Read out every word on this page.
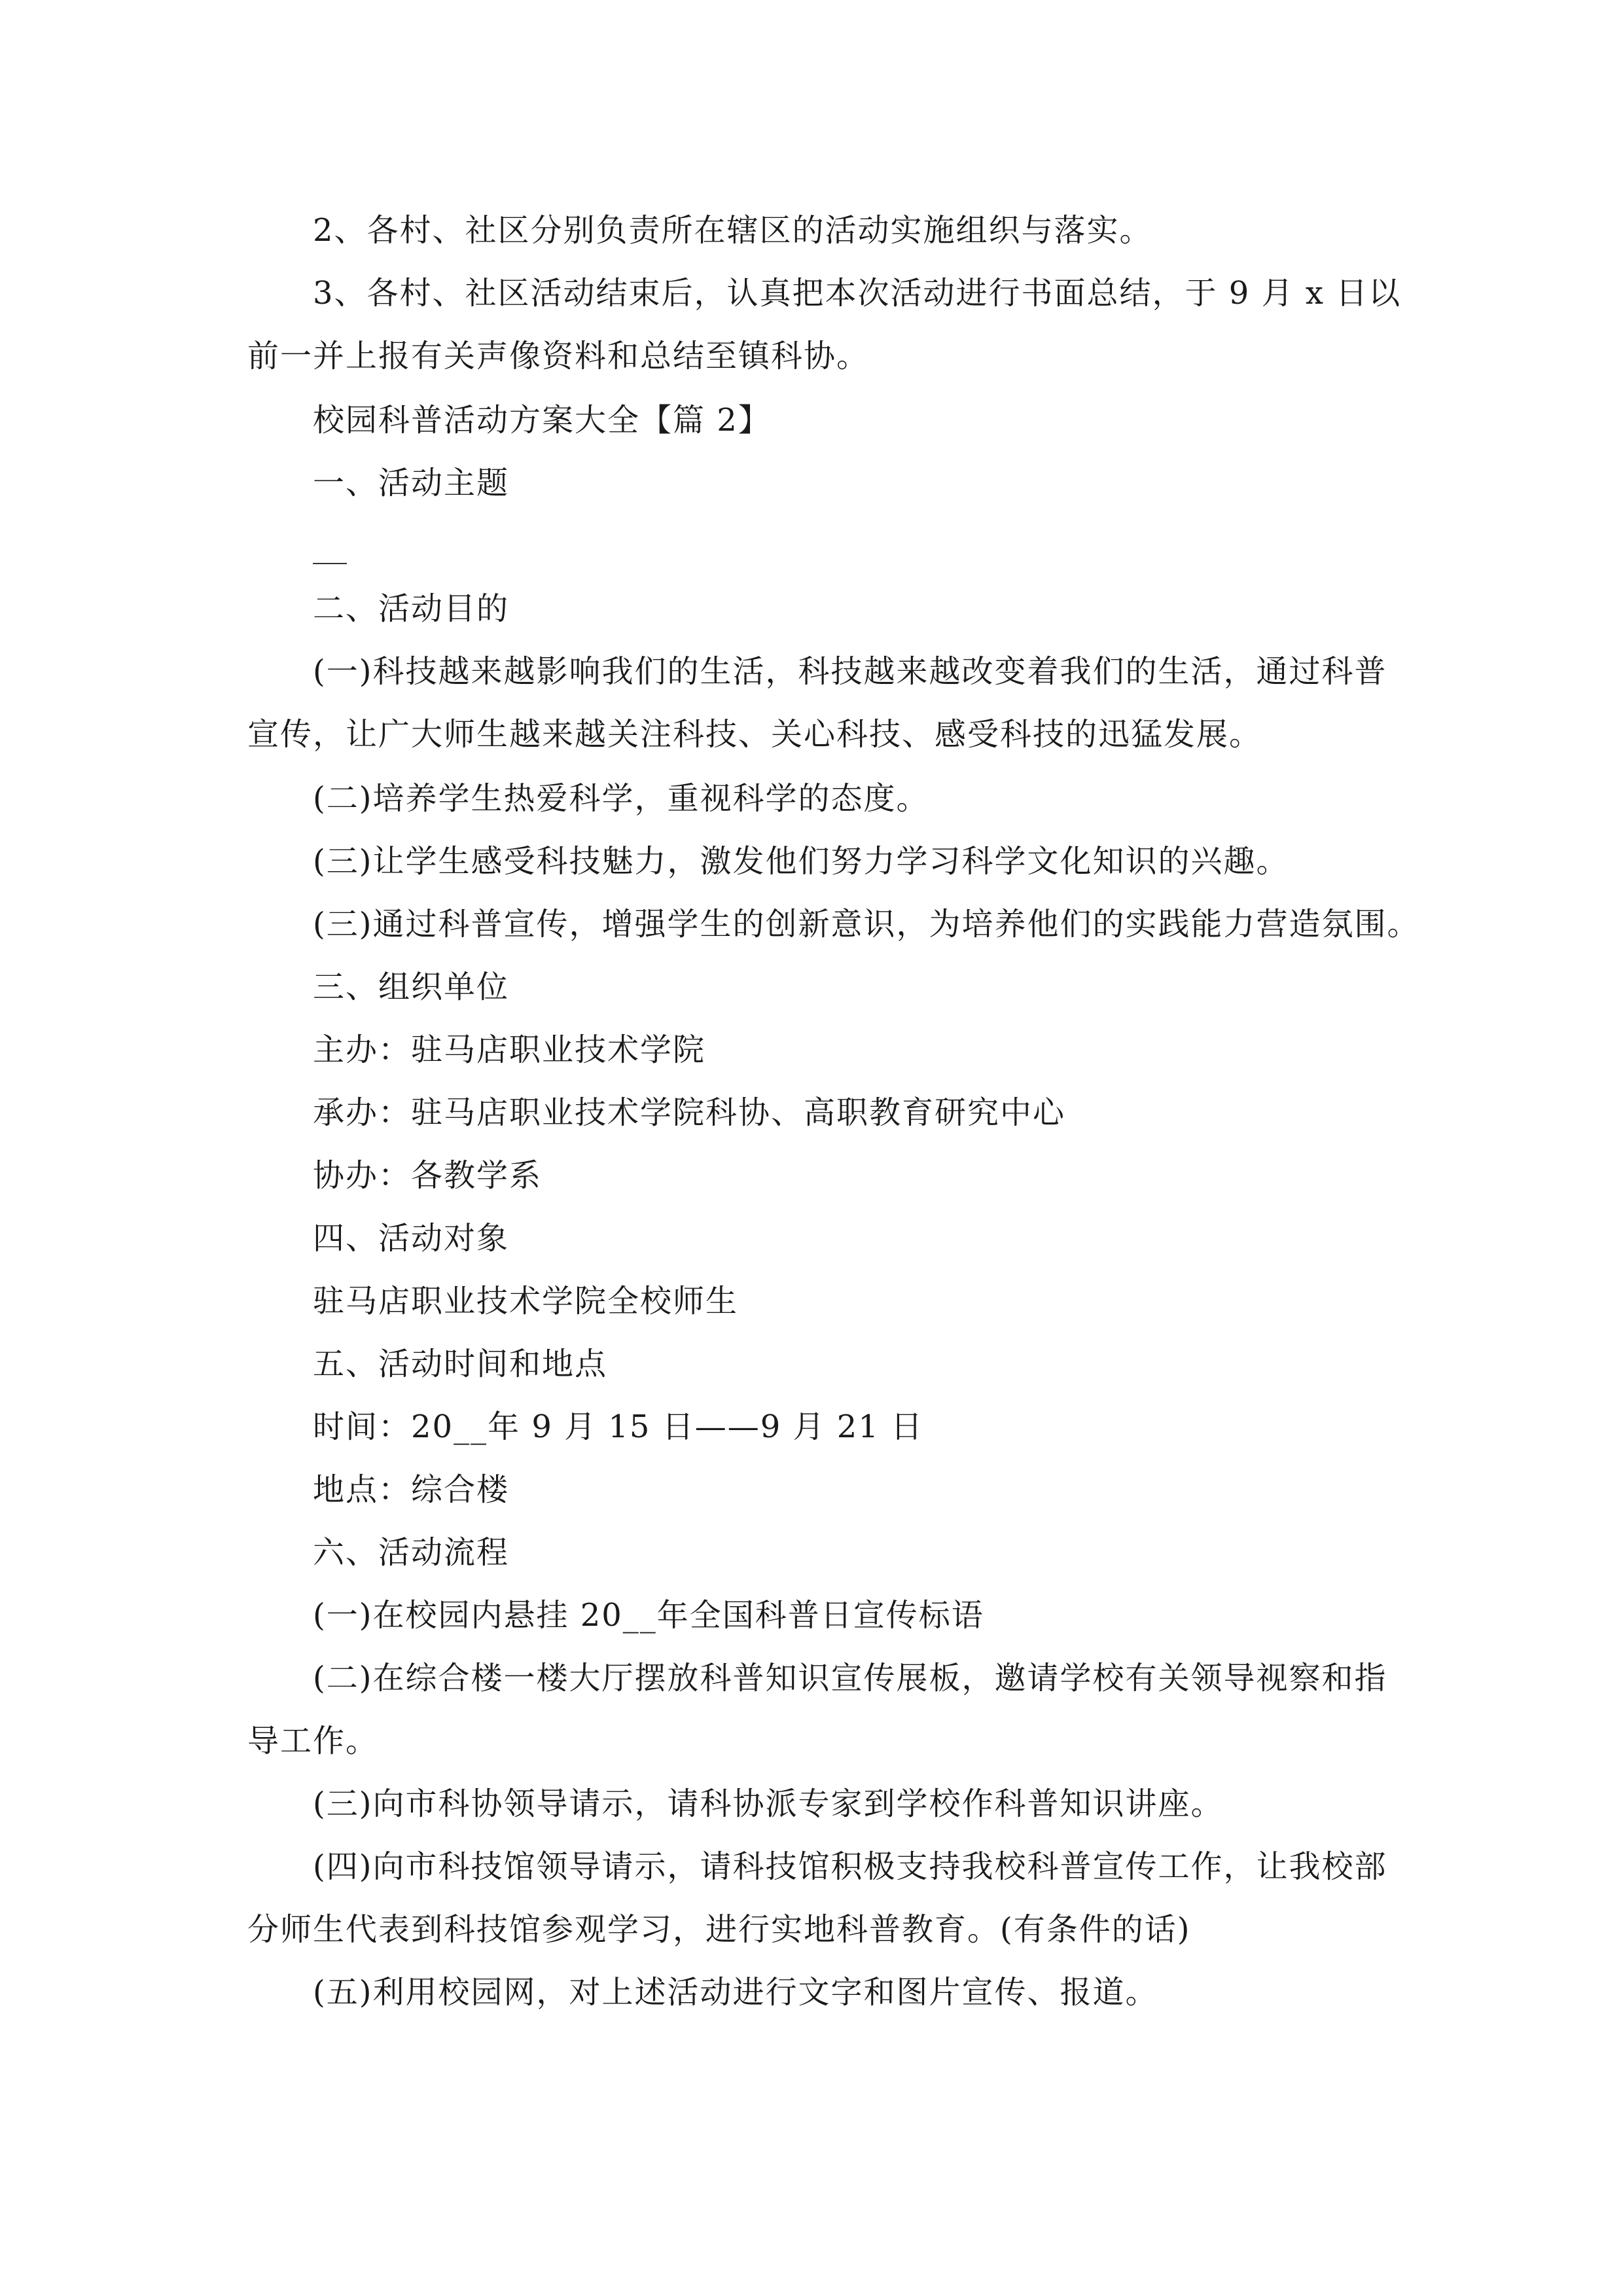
2、各村、社区分别负责所在辖区的活动实施组织与落实。
3、各村、社区活动结束后，认真把本次活动进行书面总结，于 9 月 x 日以
前一并上报有关声像资料和总结至镇科协。
校园科普活动方案大全【篇 2】
一、活动主题
二、活动目的
(一)科技越来越影响我们的生活，科技越来越改变着我们的生活，通过科普
宣传，让广大师生越来越关注科技、关心科技、感受科技的迅猛发展。
(二)培养学生热爱科学，重视科学的态度。
(三)让学生感受科技魅力，激发他们努力学习科学文化知识的兴趣。
(三)通过科普宣传，增强学生的创新意识，为培养他们的实践能力营造氛围。
三、组织单位
主办：驻马店职业技术学院
承办：驻马店职业技术学院科协、高职教育研究中心
协办：各教学系
四、活动对象
驻马店职业技术学院全校师生
五、活动时间和地点
时间：20__年 9 月 15 日——9 月 21 日
地点：综合楼
六、活动流程
(一)在校园内悬挂 20__年全国科普日宣传标语
(二)在综合楼一楼大厅摆放科普知识宣传展板，邀请学校有关领导视察和指
导工作。
(三)向市科协领导请示，请科协派专家到学校作科普知识讲座。
(四)向市科技馆领导请示，请科技馆积极支持我校科普宣传工作，让我校部
分师生代表到科技馆参观学习，进行实地科普教育。(有条件的话)
(五)利用校园网，对上述活动进行文字和图片宣传、报道。
